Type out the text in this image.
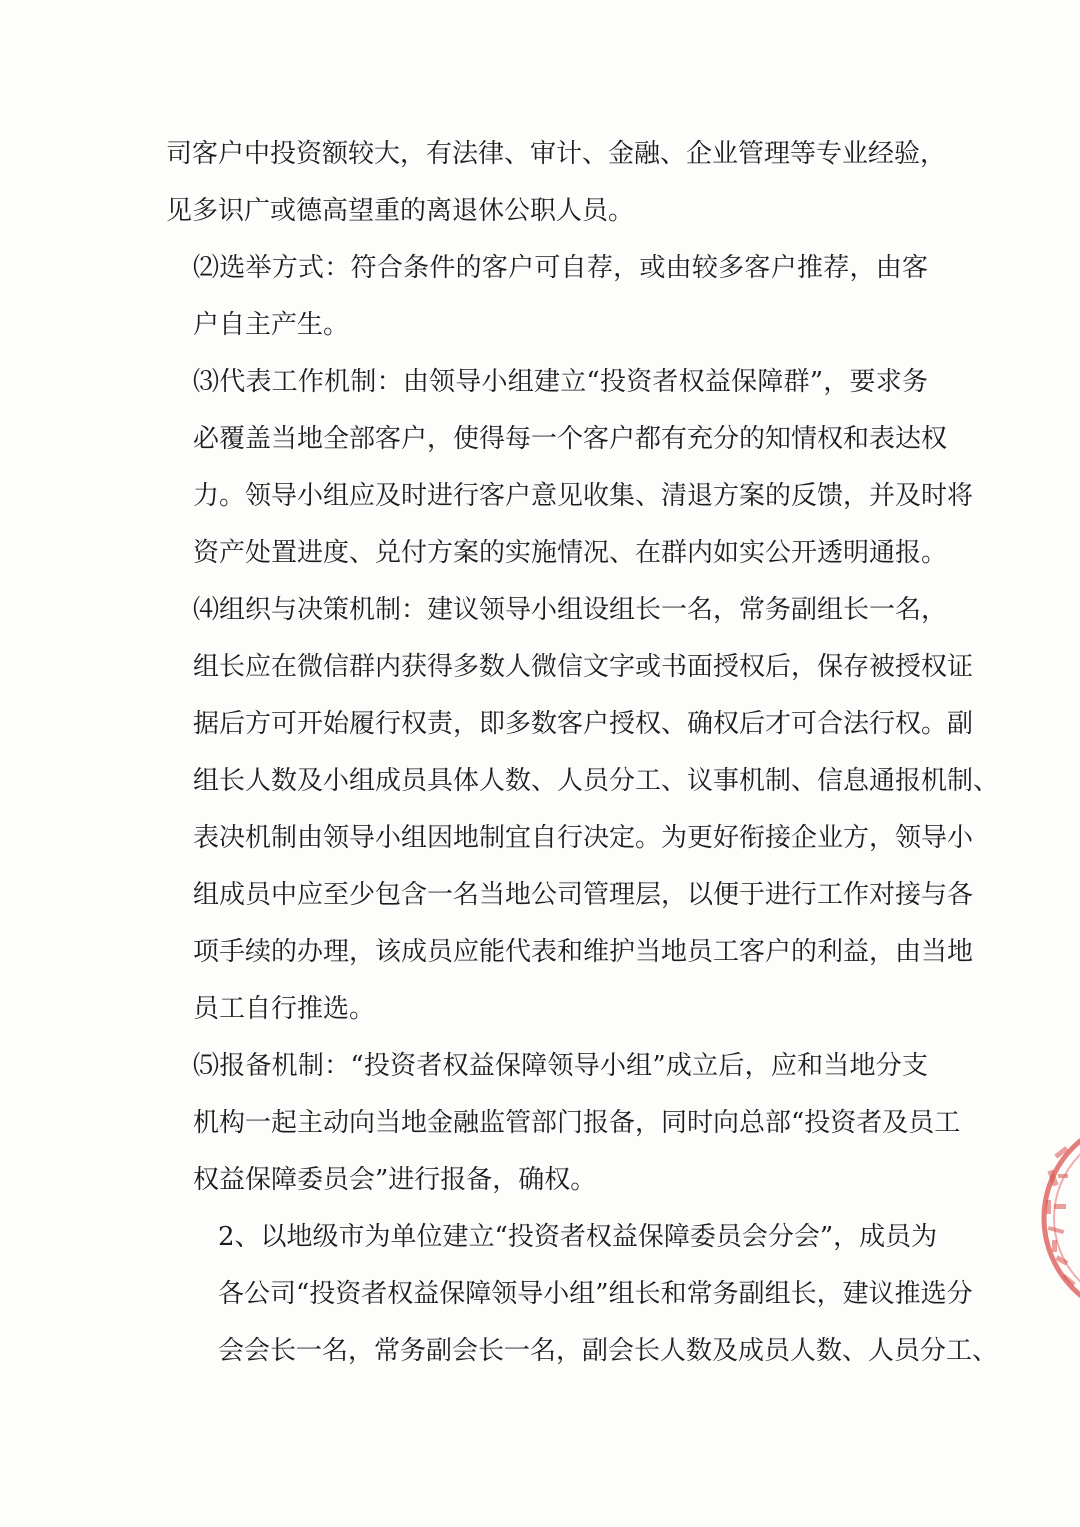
司客户中投资额较大，有法律、审计、金融、企业管理等专业经验，
见多识广或德高望重的离退休公职人员。

⑵选举方式：符合条件的客户可自荐，或由较多客户推荐，由客
户自主产生。

⑶代表工作机制：由领导小组建立“投资者权益保障群”，要求务
必覆盖当地全部客户，使得每一个客户都有充分的知情权和表达权
力。领导小组应及时进行客户意见收集、清退方案的反馈，并及时将
资产处置进度、兑付方案的实施情况、在群内如实公开透明通报。

⑷组织与决策机制：建议领导小组设组长一名，常务副组长一名，
组长应在微信群内获得多数人微信文字或书面授权后，保存被授权证
据后方可开始履行权责，即多数客户授权、确权后才可合法行权。副
组长人数及小组成员具体人数、人员分工、议事机制、信息通报机制、
表决机制由领导小组因地制宜自行决定。为更好衔接企业方，领导小
组成员中应至少包含一名当地公司管理层，以便于进行工作对接与各
项手续的办理，该成员应能代表和维护当地员工客户的利益，由当地
员工自行推选。

⑸报备机制：“投资者权益保障领导小组”成立后，应和当地分支
机构一起主动向当地金融监管部门报备，同时向总部“投资者及员工
权益保障委员会”进行报备，确权。

2、以地级市为单位建立“投资者权益保障委员会分会”，成员为
各公司“投资者权益保障领导小组”组长和常务副组长，建议推选分
会会长一名，常务副会长一名，副会长人数及成员人数、人员分工、
